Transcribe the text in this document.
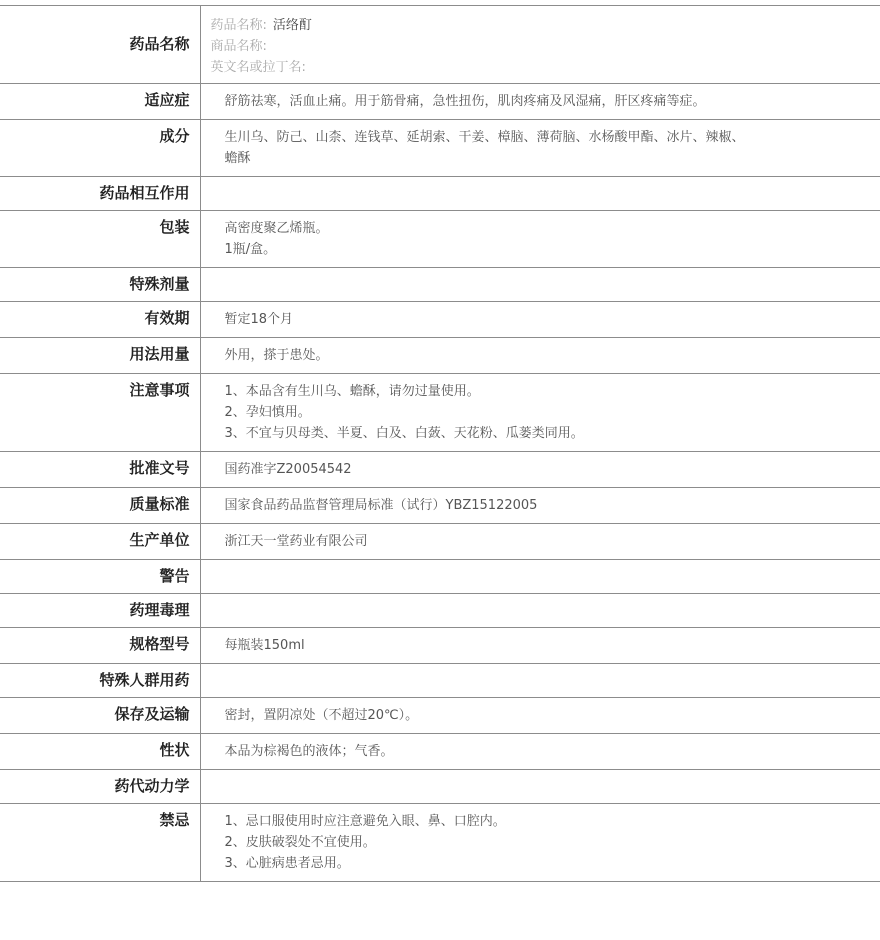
药品名称	药品名称: 活络酊
商品名称:
英文名或拉丁名:

适应症	舒筋祛寒，活血止痛。用于筋骨痛，急性扭伤，肌肉疼痛及风湿痛，肝区疼痛等症。

成分	生川乌、防己、山柰、连钱草、延胡索、干姜、樟脑、薄荷脑、水杨酸甲酯、冰片、辣椒、
蟾酥

药品相互作用	

包装	高密度聚乙烯瓶。
1瓶/盒。

特殊剂量	

有效期	暂定18个月

用法用量	外用，搽于患处。

注意事项	1、本品含有生川乌、蟾酥，请勿过量使用。
2、孕妇慎用。
3、不宜与贝母类、半夏、白及、白蔹、天花粉、瓜蒌类同用。

批准文号	国药准字Z20054542

质量标准	国家食品药品监督管理局标准（试行）YBZ15122005

生产单位	浙江天一堂药业有限公司

警告	

药理毒理	

规格型号	每瓶装150ml

特殊人群用药	

保存及运输	密封，置阴凉处（不超过20℃）。

性状	本品为棕褐色的液体；气香。

药代动力学	

禁忌	1、忌口服使用时应注意避免入眼、鼻、口腔内。
2、皮肤破裂处不宜使用。
3、心脏病患者忌用。
